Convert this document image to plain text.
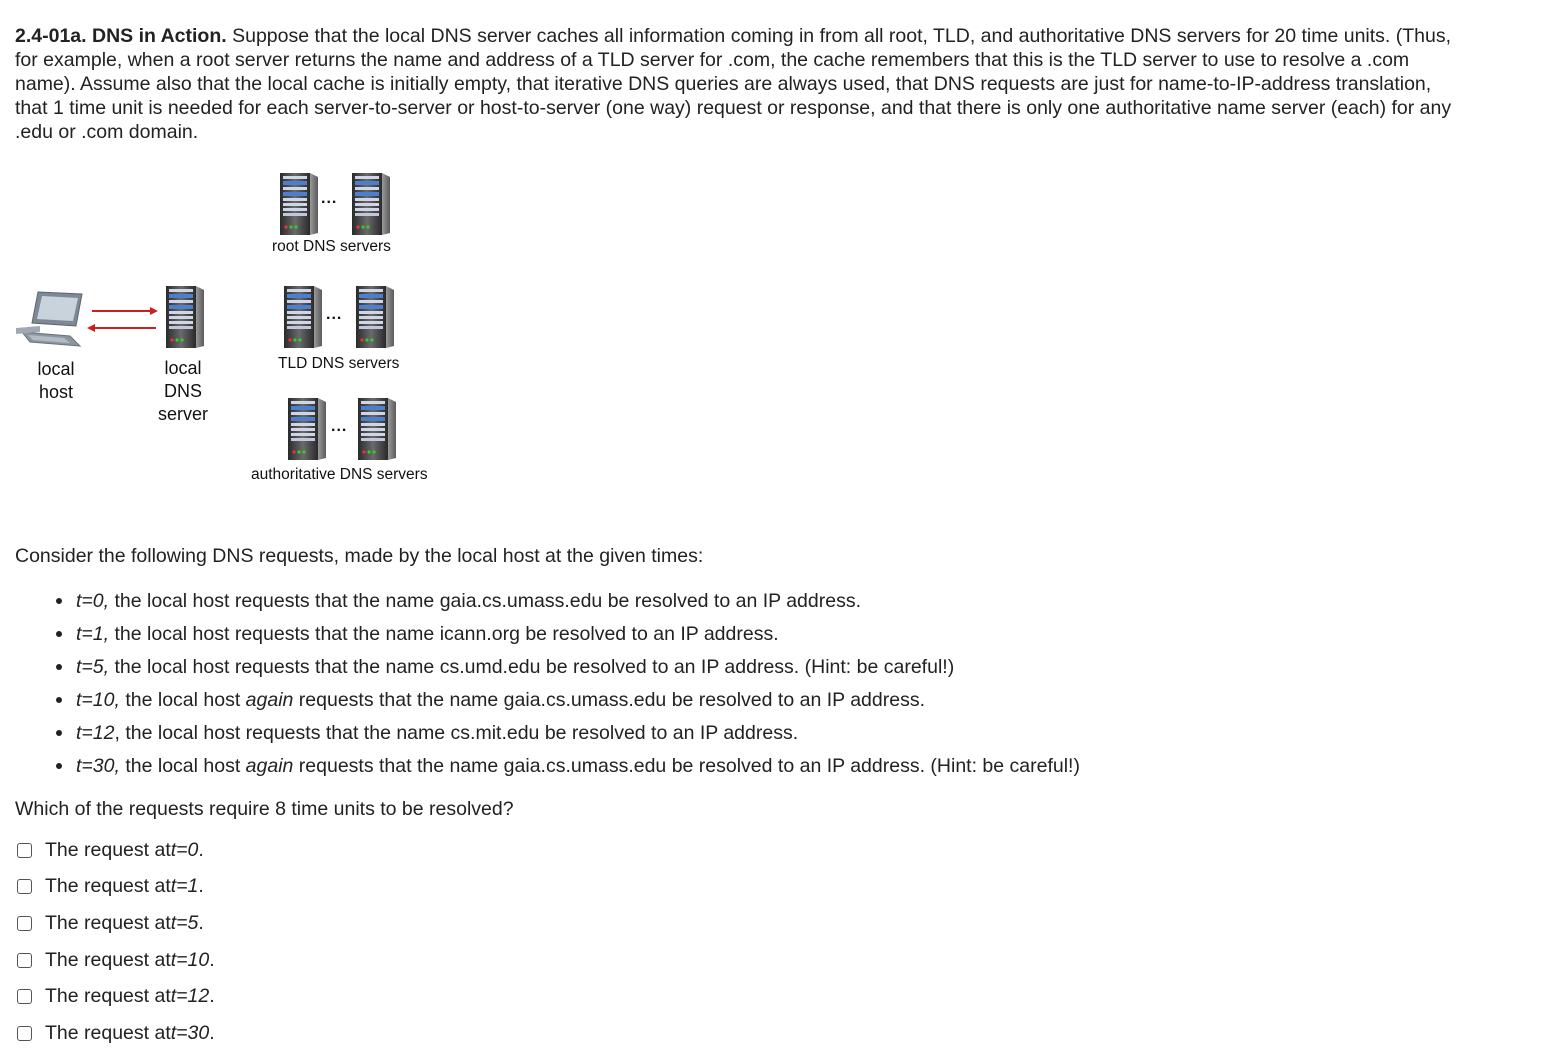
2.4-01a. DNS in Action. Suppose that the local DNS server caches all information coming in from all root, TLD, and authoritative DNS servers for 20 time units. (Thus, for example, when a root server returns the name and address of a TLD server for .com, the cache remembers that this is the TLD server to use to resolve a .com name). Assume also that the local cache is initially empty, that iterative DNS queries are always used, that DNS requests are just for name-to-IP-address translation, that 1 time unit is needed for each server-to-server or host-to-server (one way) request or response, and that there is only one authoritative name server (each) for any .edu or .com domain.
...
...
...
root DNS servers
TLD DNS servers
authoritative DNS servers
local
host
local
DNS
server
Consider the following DNS requests, made by the local host at the given times:
t=0, the local host requests that the name gaia.cs.umass.edu be resolved to an IP address.
t=1, the local host requests that the name icann.org be resolved to an IP address.
t=5, the local host requests that the name cs.umd.edu be resolved to an IP address. (Hint: be careful!)
t=10, the local host again requests that the name gaia.cs.umass.edu be resolved to an IP address.
t=12, the local host requests that the name cs.mit.edu be resolved to an IP address.
t=30, the local host again requests that the name gaia.cs.umass.edu be resolved to an IP address. (Hint: be careful!)
Which of the requests require 8 time units to be resolved?
The request at t=0 .
The request at t=1 .
The request at t=5 .
The request at t=10 .
The request at t=12 .
The request at t=30 .
